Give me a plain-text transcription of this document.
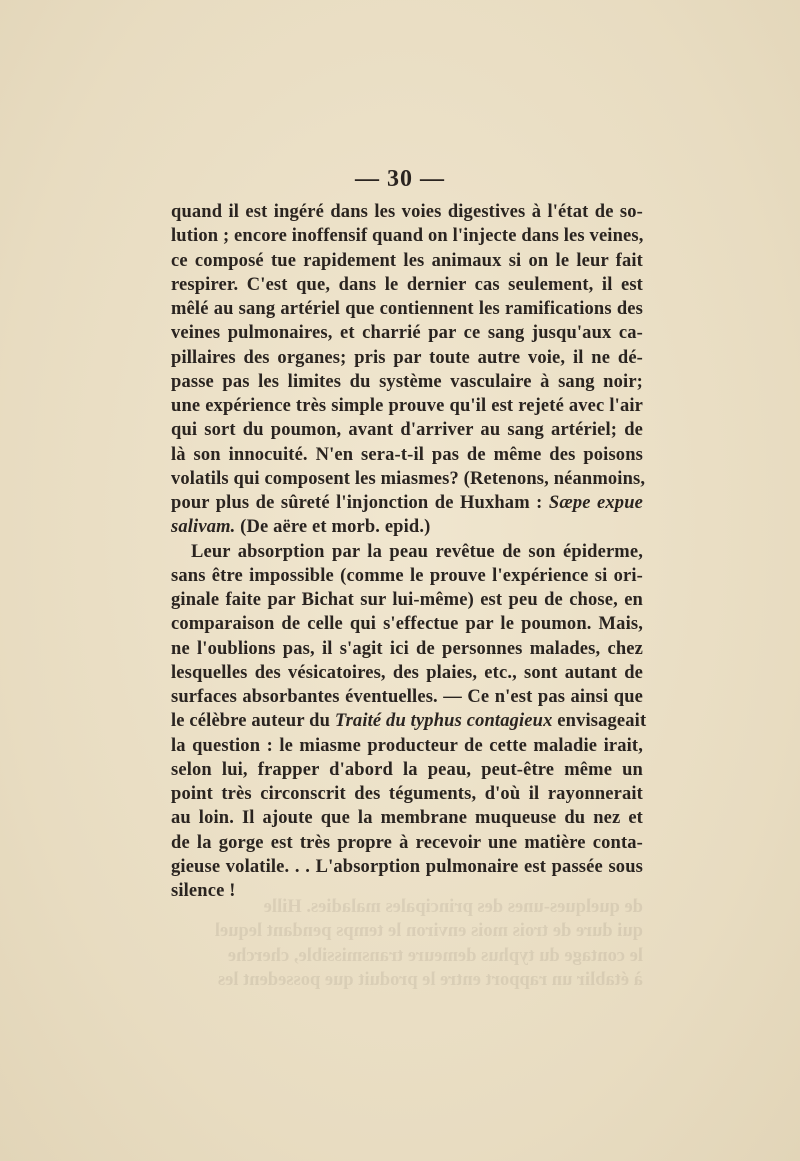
— 30 —
quand il est ingéré dans les voies digestives à l'état de so-
lution ; encore inoffensif quand on l'injecte dans les veines,
ce composé tue rapidement les animaux si on le leur fait
respirer. C'est que, dans le dernier cas seulement, il est
mêlé au sang artériel que contiennent les ramifications des
veines pulmonaires, et charrié par ce sang jusqu'aux ca-
pillaires des organes; pris par toute autre voie, il ne dé-
passe pas les limites du système vasculaire à sang noir;
une expérience très simple prouve qu'il est rejeté avec l'air
qui sort du poumon, avant d'arriver au sang artériel; de
là son innocuité. N'en sera-t-il pas de même des poisons
volatils qui composent les miasmes? (Retenons, néanmoins,
pour plus de sûreté l'injonction de Huxham : Sæpe expue
salivam. (De aëre et morb. epid.)
Leur absorption par la peau revêtue de son épiderme,
sans être impossible (comme le prouve l'expérience si ori-
ginale faite par Bichat sur lui-même) est peu de chose, en
comparaison de celle qui s'effectue par le poumon. Mais,
ne l'oublions pas, il s'agit ici de personnes malades, chez
lesquelles des vésicatoires, des plaies, etc., sont autant de
surfaces absorbantes éventuelles. — Ce n'est pas ainsi que
le célèbre auteur du Traité du typhus contagieux envisageait
la question : le miasme producteur de cette maladie irait,
selon lui, frapper d'abord la peau, peut-être même un
point très circonscrit des téguments, d'où il rayonnerait
au loin. Il ajoute que la membrane muqueuse du nez et
de la gorge est très propre à recevoir une matière conta-
gieuse volatile. . . L'absorption pulmonaire est passée sous
silence !
de quelques-unes des principales maladies. Hille
qui dure de trois mois environ le temps pendant lequel
le contage du typhus demeure transmissible, cherche
à établir un rapport entre le produit que possedent les
